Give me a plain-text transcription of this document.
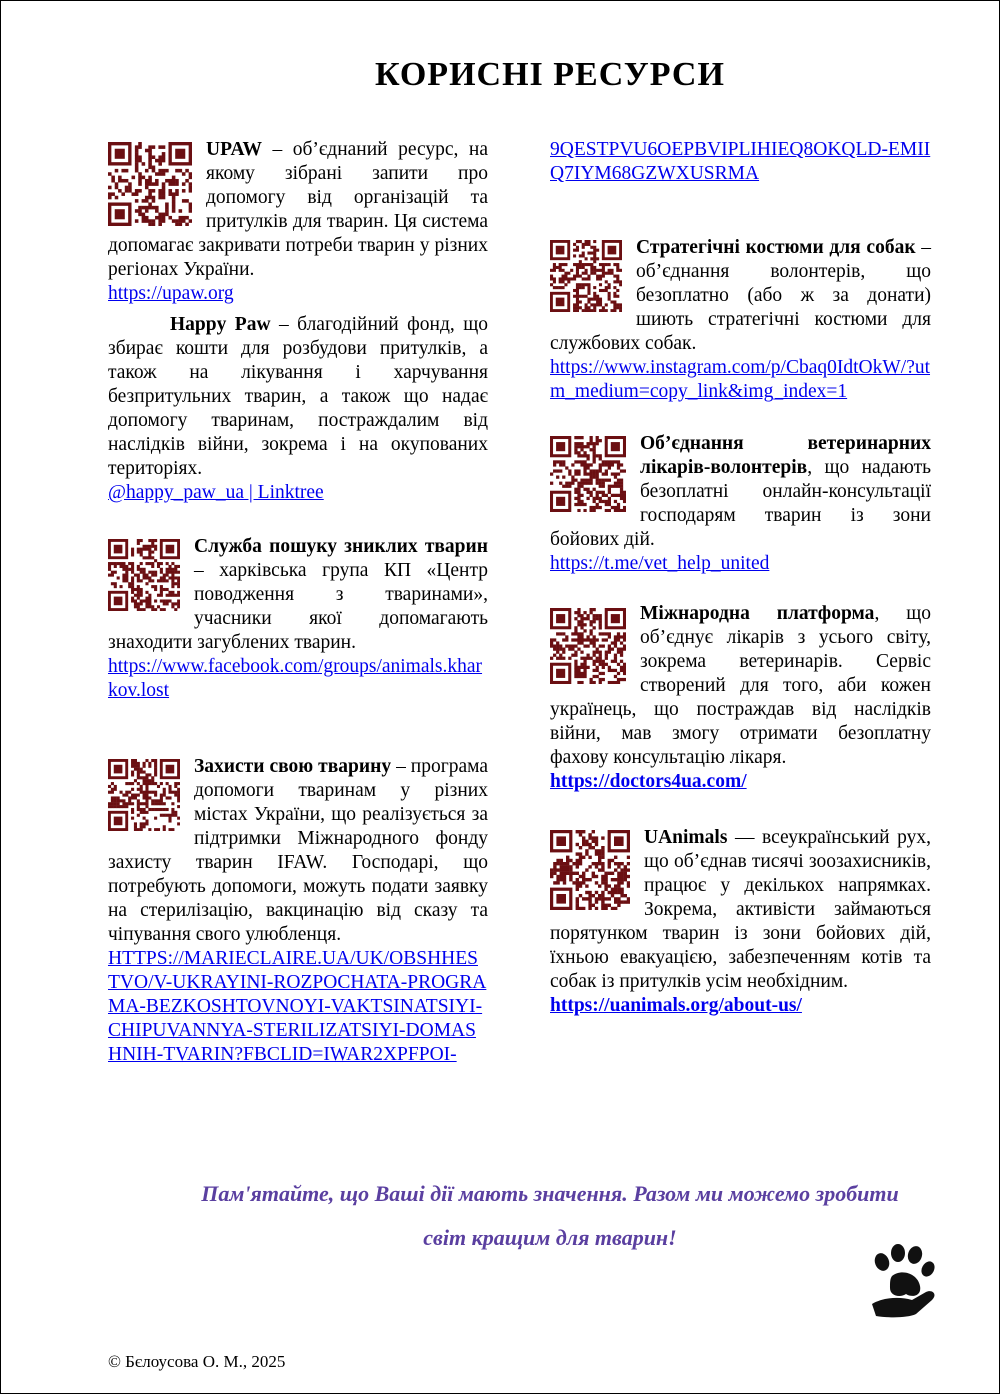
КОРИСНІ РЕСУРСИ

UPAW – об’єднаний ресурс, на якому зібрані запити про допомогу від організацій та притулків для тварин. Ця система допомагає закривати потреби тварин у різних регіонах України.

https://upaw.org

Happy Paw – благодійний фонд, що збирає кошти для розбудови притулків, а також на лікування і харчування безпритульних тварин, а також що надає допомогу тваринам, постраждалим від наслідків війни, зокрема і на окупованих територіях.

@happy_paw_ua | Linktree

Служба пошуку зниклих тварин – харківська група КП «Центр поводження з тваринами», учасники якої допомагають знаходити загублених тварин.

https://www.facebook.com/groups/animals.kharkov.lost

Захисти свою тварину – програма допомоги тваринам у різних містах України, що реалізується за підтримки Міжнародного фонду захисту тварин IFAW. Господарі, що потребують допомоги, можуть подати заявку на стерилізацію, вакцинацію від сказу та чіпування свого улюбленця.

HTTPS://MARIECLAIRE.UA/UK/OBSHHESTVO/V-UKRAYINI-ROZPOCHATA-PROGRAMA-BEZKOSHTOVNOYI-VAKTSINATSIYI-CHIPUVANNYA-STERILIZATSIYI-DOMASHNIH-TVARIN?FBCLID=IWAR2XPFPOI-
9QESTPVU6OEPBVIPLIHIEQ8OKQLD-EMIIQ7IYM68GZWXUSRMA

Стратегічні костюми для собак – об’єднання волонтерів, що безоплатно (або ж за донати) шиють стратегічні костюми для службових собак.

https://www.instagram.com/p/Cbaq0IdtOkW/?utm_medium=copy_link&img_index=1

Об’єднання ветеринарних лікарів-волонтерів, що надають безоплатні онлайн-консультації господарям тварин із зони бойових дій.

https://t.me/vet_help_united

Міжнародна платформа,
що об’єднує лікарів з усього світу, зокрема ветеринарів. Сервіс створений для того, аби кожен українець, що постраждав від наслідків війни, мав змогу отримати безоплатну фахову консультацію лікаря.

https://doctors4ua.com/

UAnimals — всеукраїнський рух, що об’єднав тисячі зоозахисників, працює у декількох напрямках. Зокрема, активісти займаються порятунком тварин із зони бойових дій, їхньою евакуацією, забезпеченням котів та собак із притулків усім необхідним.

https://uanimals.org/about-us/
Пам'ятайте, що Ваші дії мають значення. Разом ми можемо зробити світ кращим для тварин!
© Бєлоусова О. М., 2025
